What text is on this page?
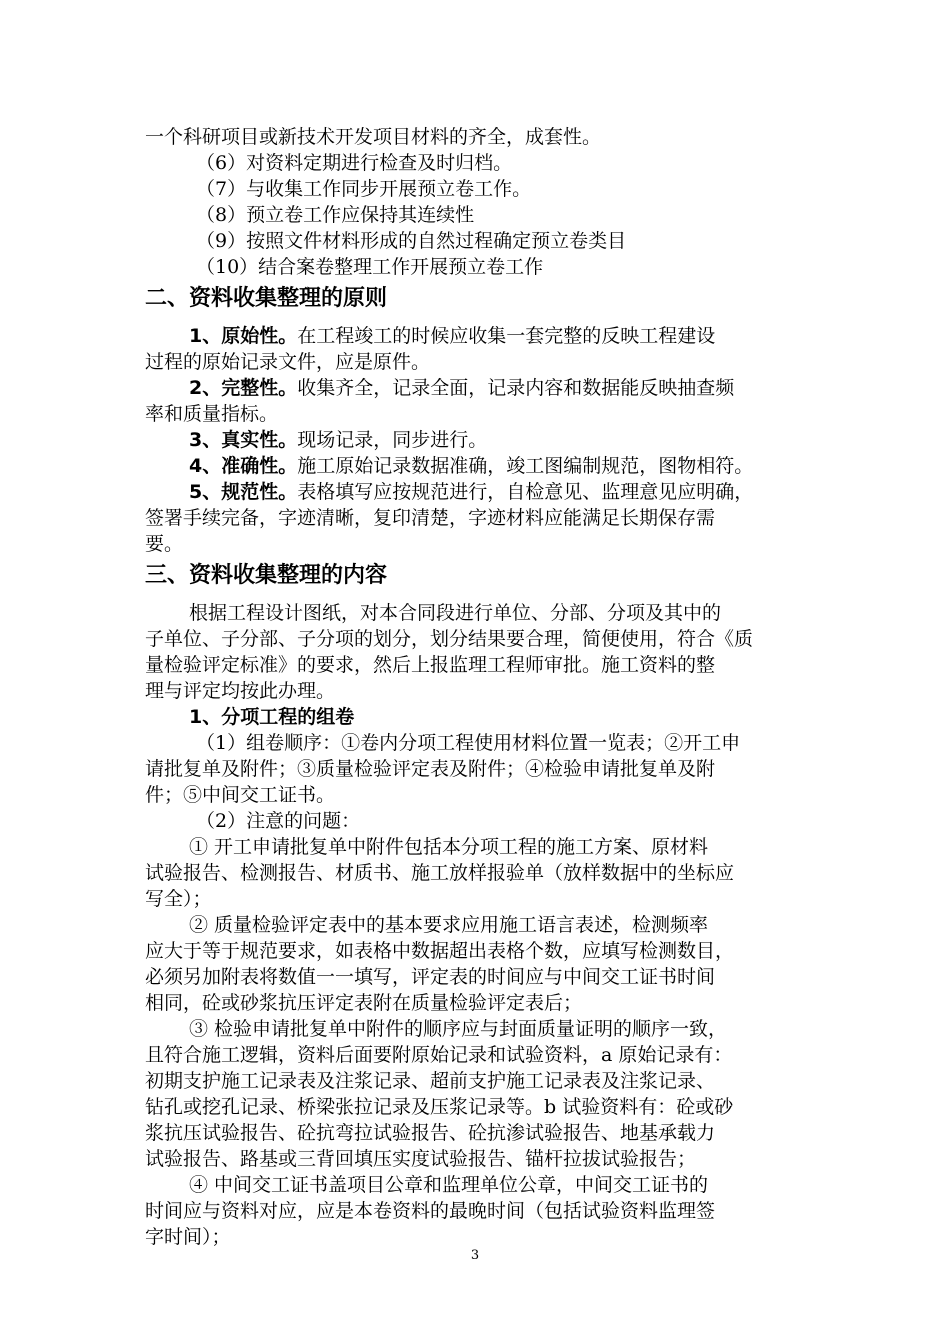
一个科研项目或新技术开发项目材料的齐全，成套性。
（6）对资料定期进行检查及时归档。
（7）与收集工作同步开展预立卷工作。
（8）预立卷工作应保持其连续性
（9）按照文件材料形成的自然过程确定预立卷类目
（10）结合案卷整理工作开展预立卷工作
二、资料收集整理的原则
1、原始性。在工程竣工的时候应收集一套完整的反映工程建设
过程的原始记录文件，应是原件。
2、完整性。收集齐全，记录全面，记录内容和数据能反映抽查频
率和质量指标。
3、真实性。现场记录，同步进行。
4、准确性。施工原始记录数据准确，竣工图编制规范，图物相符。
5、规范性。表格填写应按规范进行，自检意见、监理意见应明确，
签署手续完备，字迹清晰，复印清楚，字迹材料应能满足长期保存需
要。
三、资料收集整理的内容
根据工程设计图纸，对本合同段进行单位、分部、分项及其中的
子单位、子分部、子分项的划分，划分结果要合理，简便使用，符合《质
量检验评定标准》的要求，然后上报监理工程师审批。施工资料的整
理与评定均按此办理。
1、分项工程的组卷
（1）组卷顺序：①卷内分项工程使用材料位置一览表；②开工申
请批复单及附件；③质量检验评定表及附件；④检验申请批复单及附
件；⑤中间交工证书。
（2）注意的问题：
① 开工申请批复单中附件包括本分项工程的施工方案、原材料
试验报告、检测报告、材质书、施工放样报验单（放样数据中的坐标应
写全）；
② 质量检验评定表中的基本要求应用施工语言表述，检测频率
应大于等于规范要求，如表格中数据超出表格个数，应填写检测数目，
必须另加附表将数值一一填写，评定表的时间应与中间交工证书时间
相同，砼或砂浆抗压评定表附在质量检验评定表后；
③ 检验申请批复单中附件的顺序应与封面质量证明的顺序一致，
且符合施工逻辑，资料后面要附原始记录和试验资料，a 原始记录有：
初期支护施工记录表及注浆记录、超前支护施工记录表及注浆记录、
钻孔或挖孔记录、桥梁张拉记录及压浆记录等。b 试验资料有：砼或砂
浆抗压试验报告、砼抗弯拉试验报告、砼抗渗试验报告、地基承载力
试验报告、路基或三背回填压实度试验报告、锚杆拉拔试验报告；
④ 中间交工证书盖项目公章和监理单位公章，中间交工证书的
时间应与资料对应，应是本卷资料的最晚时间（包括试验资料监理签
字时间）；
3
